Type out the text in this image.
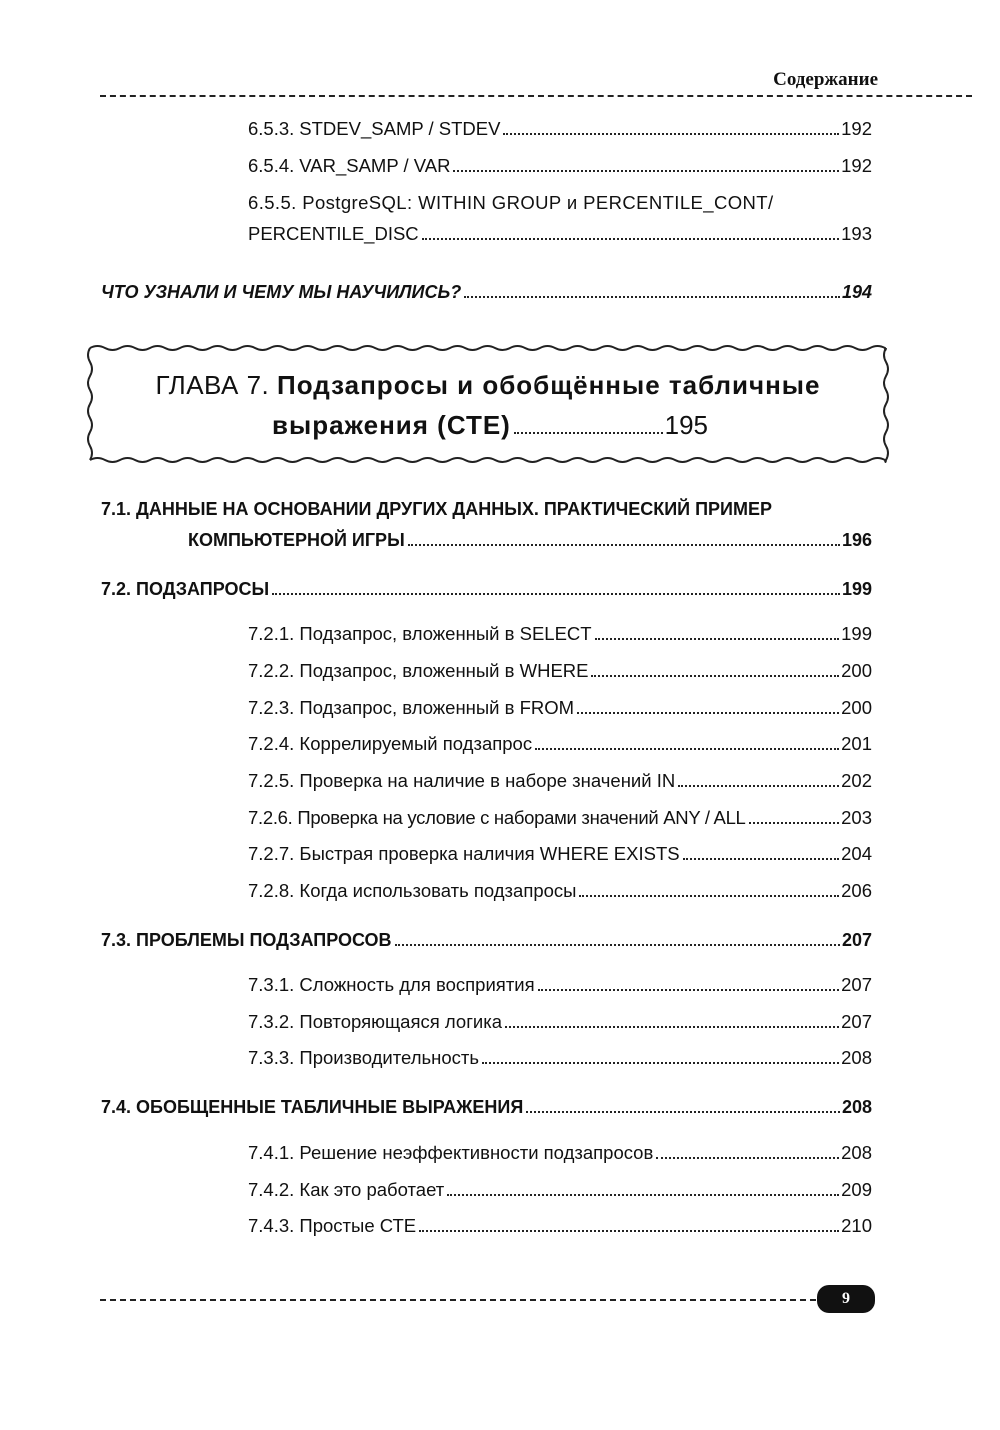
Содержание
6.5.3. STDEV_SAMP / STDEV	192
6.5.4. VAR_SAMP / VAR	192
6.5.5. PostgreSQL: WITHIN GROUP и PERCENTILE_CONT/
PERCENTILE_DISC	193
ЧТО УЗНАЛИ И ЧЕМУ МЫ НАУЧИЛИСЬ?	194
ГЛАВА 7. Подзапросы и обобщённые табличные
выражения (СТЕ)	195
7.1. ДАННЫЕ НА ОСНОВАНИИ ДРУГИХ ДАННЫХ. ПРАКТИЧЕСКИЙ ПРИМЕР
КОМПЬЮТЕРНОЙ ИГРЫ	196
7.2. ПОДЗАПРОСЫ	199
7.2.1. Подзапрос, вложенный в SELECT	199
7.2.2. Подзапрос, вложенный в WHERE	200
7.2.3. Подзапрос, вложенный в FROM	200
7.2.4. Коррелируемый подзапрос	201
7.2.5. Проверка на наличие в наборе значений IN	202
7.2.6. Проверка на условие с наборами значений ANY / ALL	203
7.2.7. Быстрая проверка наличия WHERE EXISTS	204
7.2.8. Когда использовать подзапросы	206
7.3. ПРОБЛЕМЫ ПОДЗАПРОСОВ	207
7.3.1. Сложность для восприятия	207
7.3.2. Повторяющаяся логика	207
7.3.3. Производительность	208
7.4. ОБОБЩЕННЫЕ ТАБЛИЧНЫЕ ВЫРАЖЕНИЯ	208
7.4.1. Решение неэффективности подзапросов	208
7.4.2. Как это работает	209
7.4.3. Простые СТЕ	210
9
